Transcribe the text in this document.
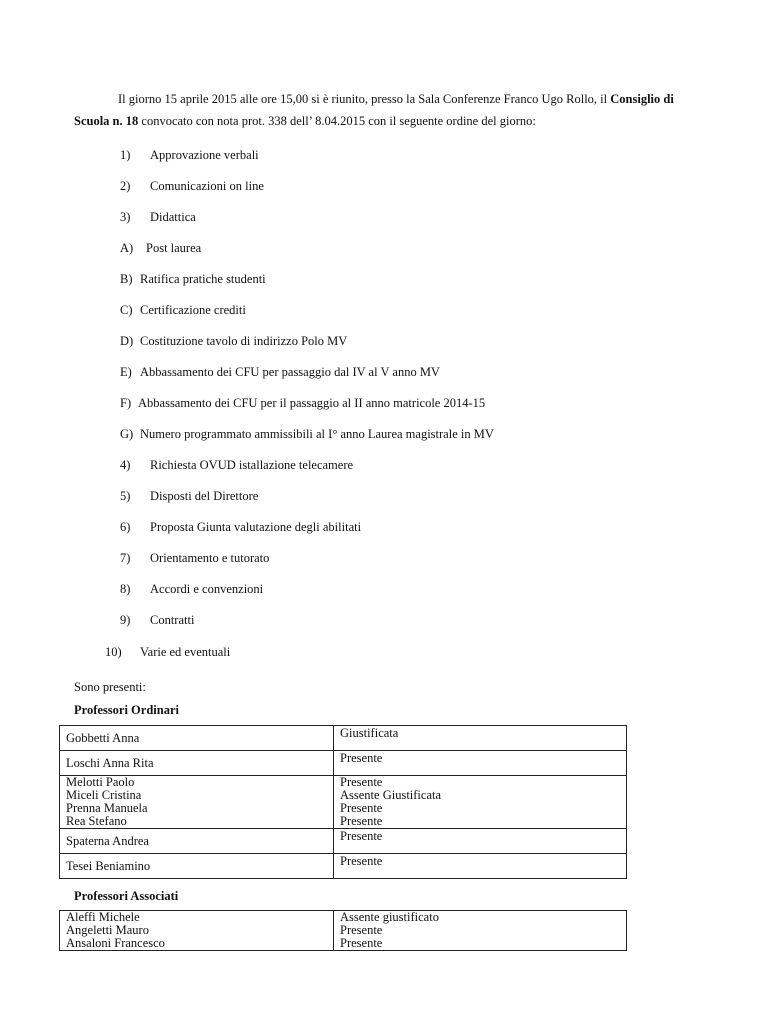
Il giorno 15 aprile 2015 alle ore 15,00 si è riunito, presso la Sala Conferenze Franco Ugo Rollo, il Consiglio di Scuola n. 18 convocato con nota prot. 338 dell’ 8.04.2015 con il seguente ordine del giorno:
1) Approvazione verbali
2) Comunicazioni on line
3) Didattica
A) Post laurea
B) Ratifica pratiche studenti
C) Certificazione crediti
D) Costituzione tavolo di indirizzo Polo MV
E) Abbassamento dei CFU per passaggio dal IV al V anno MV
F) Abbassamento dei CFU per il passaggio al II anno matricole 2014-15
G) Numero programmato ammissibili al I° anno Laurea magistrale in MV
4) Richiesta OVUD istallazione telecamere
5) Disposti del Direttore
6) Proposta Giunta valutazione degli abilitati
7) Orientamento e tutorato
8) Accordi e convenzioni
9) Contratti
10) Varie ed eventuali
Sono presenti:
Professori Ordinari
Gobbetti Anna	Giustificata
Loschi Anna Rita	Presente
Melotti Paolo	Presente
Miceli Cristina	Assente Giustificata
Prenna Manuela	Presente
Rea Stefano	Presente
Spaterna Andrea	Presente
Tesei Beniamino	Presente
Professori Associati
Aleffi Michele	Assente giustificato
Angeletti Mauro	Presente
Ansaloni Francesco	Presente
